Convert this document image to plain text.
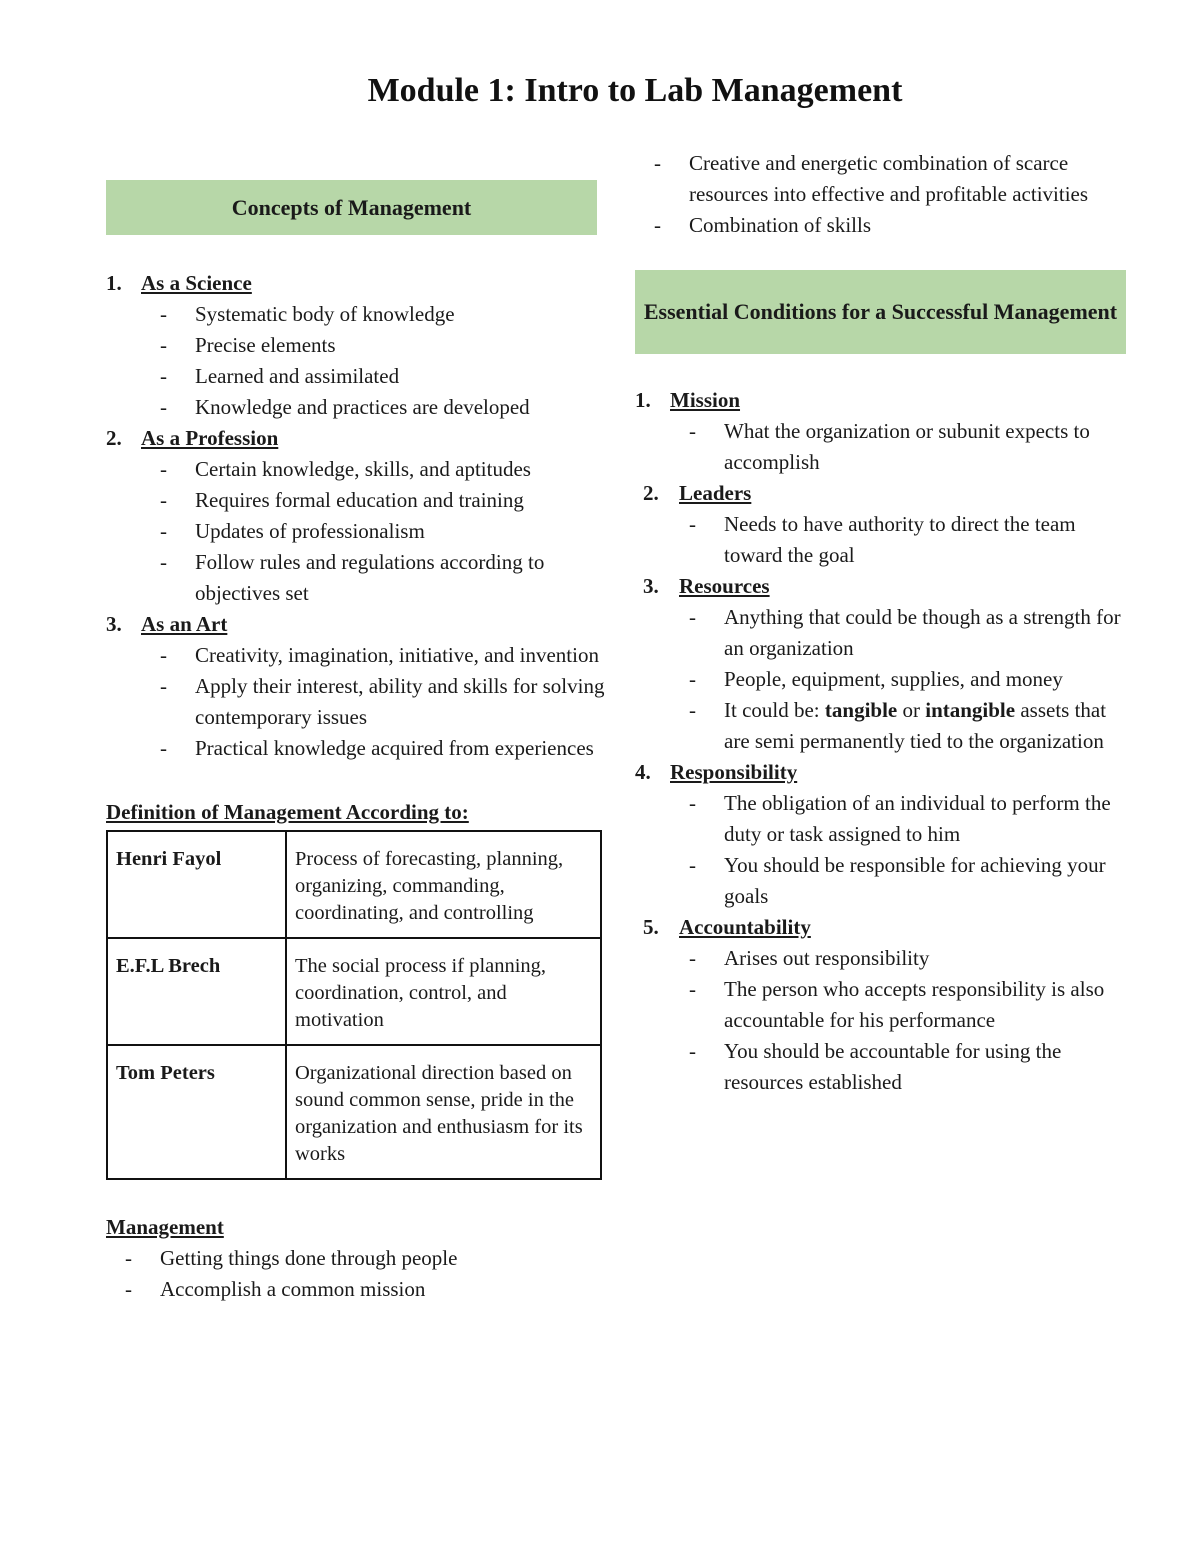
Module 1: Intro to Lab Management
Concepts of Management
1. As a Science
- Systematic body of knowledge
- Precise elements
- Learned and assimilated
- Knowledge and practices are developed
2. As a Profession
- Certain knowledge, skills, and aptitudes
- Requires formal education and training
- Updates of professionalism
- Follow rules and regulations according to objectives set
3. As an Art
- Creativity, imagination, initiative, and invention
- Apply their interest, ability and skills for solving contemporary issues
- Practical knowledge acquired from experiences
Definition of Management According to:
Henri Fayol	Process of forecasting, planning, organizing, commanding, coordinating, and controlling
E.F.L Brech	The social process if planning, coordination, control, and motivation
Tom Peters	Organizational direction based on sound common sense, pride in the organization and enthusiasm for its works
Management
- Getting things done through people
- Accomplish a common mission
- Creative and energetic combination of scarce resources into effective and profitable activities
- Combination of skills
Essential Conditions for a Successful Management
1. Mission
- What the organization or subunit expects to accomplish
2. Leaders
- Needs to have authority to direct the team toward the goal
3. Resources
- Anything that could be though as a strength for an organization
- People, equipment, supplies, and money
- It could be: tangible or intangible assets that are semi permanently tied to the organization
4. Responsibility
- The obligation of an individual to perform the duty or task assigned to him
- You should be responsible for achieving your goals
5. Accountability
- Arises out responsibility
- The person who accepts responsibility is also accountable for his performance
- You should be accountable for using the resources established
